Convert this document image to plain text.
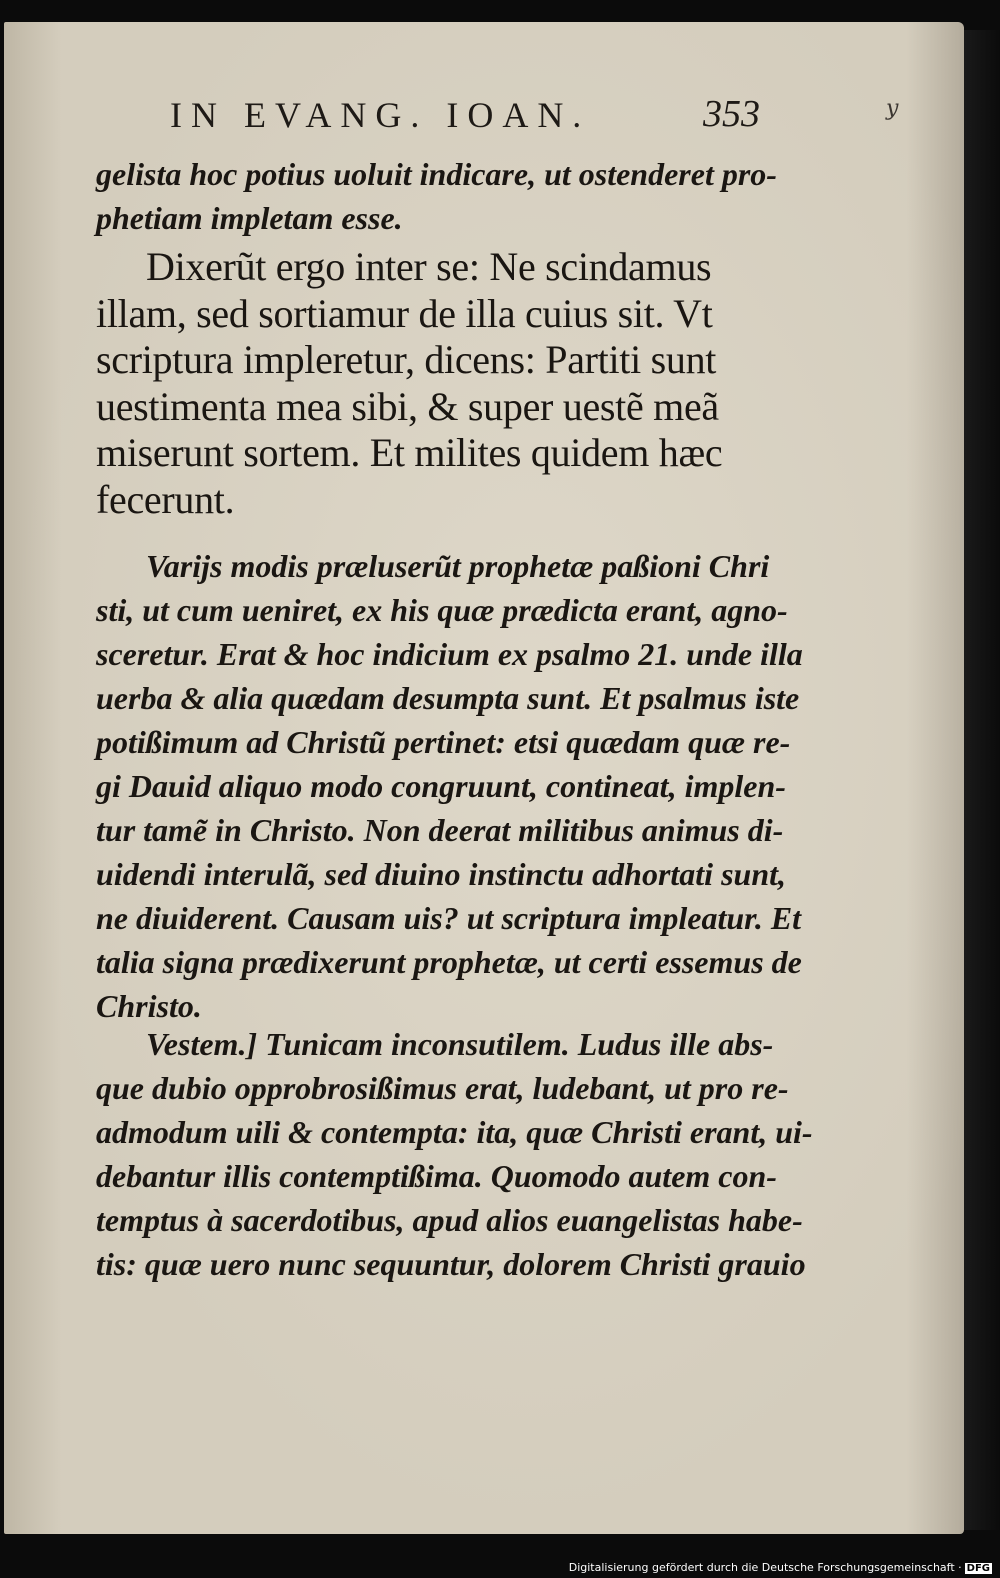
y
IN EVANG. IOAN.	353
gelista hoc potius uoluit indicare, ut ostenderet pro-
phetiam impletam esse.
Dixerũt ergo inter se: Ne scindamus
illam, sed sortiamur de illa cuius sit. Vt
scriptura impleretur, dicens: Partiti sunt
uestimenta mea sibi, & super uestẽ meã
miserunt sortem. Et milites quidem hæc
fecerunt.
Varijs modis præluserũt prophetæ paßioni Chri
sti, ut cum ueniret, ex his quæ prædicta erant, agno-
sceretur. Erat & hoc indicium ex psalmo 21. unde illa
uerba & alia quædam desumpta sunt. Et psalmus iste
potißimum ad Christũ pertinet: etsi quædam quæ re-
gi Dauid aliquo modo congruunt, contineat, implen-
tur tamẽ in Christo. Non deerat militibus animus di-
uidendi interulã, sed diuino instinctu adhortati sunt,
ne diuiderent. Causam uis? ut scriptura impleatur. Et
talia signa prædixerunt prophetæ, ut certi essemus de
Christo.
Vestem.] Tunicam inconsutilem. Ludus ille abs-
que dubio opprobrosißimus erat, ludebant, ut pro re-
admodum uili & contempta: ita, quæ Christi erant, ui-
debantur illis contemptißima. Quomodo autem con-
temptus à sacerdotibus, apud alios euangelistas habe-
tis: quæ uero nunc sequuntur, dolorem Christi grauio
Digitalisierung gefördert durch die Deutsche Forschungsgemeinschaft · DFG
